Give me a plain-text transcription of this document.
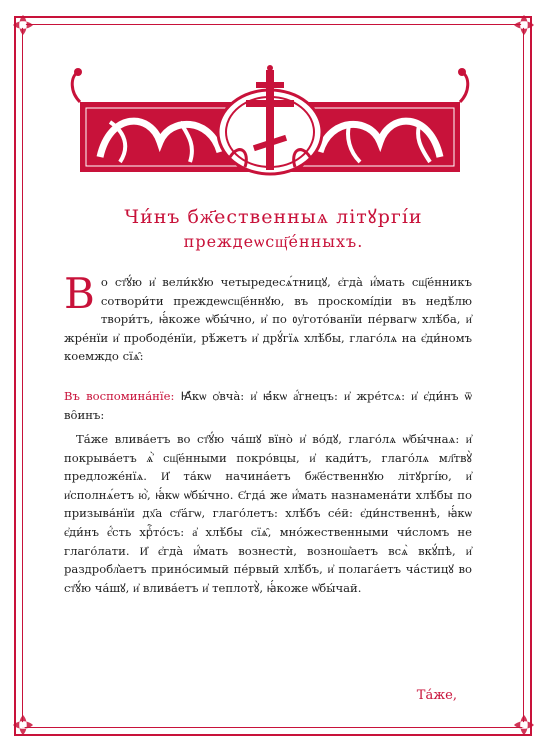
Чи́нъ бж҃ественныѧ літꙋргі́и
преждеѡсщ҃е́нныхъ.
В о ст҃ꙋ́ю и҆ вели́кꙋю четыредесѧ́тницꙋ, є҆гда̀ и҆́мать сщ҃е́нникъ сотвори́ти преждеѡсщ҃е́ннꙋю, въ проскомі́діи въ недѣ́лю твори́тъ, ꙗ҆́коже ѡ҆бы́чно, и҆ по ᲂу҆гото́ванїи пе́рвагѡ хлѣ́ба, и҆ жре́нїи и҆ прободе́нїи, рѣ́жетъ и҆ дрꙋ́гїѧ хлѣ́бы, глаго́лѧ на є҆ди́номъ коемждо сїѧ̑:
Въ воспомина́нїе: Ꙗ҆́кѡ ѻ҆вча̀: и҆ ꙗ҆́кѡ а҆́гнецъ: и҆ жре́тсѧ: и҆ є҆ди́нъ ѿ во̑инъ:
Та́же влива́етъ во ст҃ꙋ́ю ча́шꙋ вїно̀ и҆ во́дꙋ, глаго́лѧ ѡ҆бы́чнаѧ: и҆ покрыва́етъ ѧ҆̀ сщ҃е́нными покро́вцы, и҆ кади́тъ, глаго́лѧ мл҃твꙋ̀ предложе́нїѧ. И҆ та́кѡ начина́етъ бж҃е́ственнꙋю літꙋргі́ю, и҆ и҆сполнѧ́етъ ю҆̀, ꙗ҆́кѡ ѡ҆бы́чно. Є҆гда́ же и҆́мать назнамена́ти хлѣ́бы по призыва́нїи дх҃а ст҃а́гѡ, глаго́летъ: хлѣ́бъ се́й: є҆ди́нственнѣ, ꙗ҆́кѡ є҆ди́нъ є҆́сть хрⷭ҇то́съ: а҆ хлѣ́бы сїѧ̑, мно́жественными чи́сломъ не глаго́лати. И҆ є҆гда̀ и҆́мать вознестѝ, вознош͛аетъ всѧ̀ вкꙋ́пѣ, и҆ раздробл͛аетъ прино́симый пе́рвый хлѣ́бъ, и҆ полага́етъ ча́стицꙋ во ст҃ꙋ́ю ча́шꙋ, и҆ влива́етъ и҆ теплотꙋ̀, ꙗ҆́коже ѡ҆бы́чай.
Та́же,
